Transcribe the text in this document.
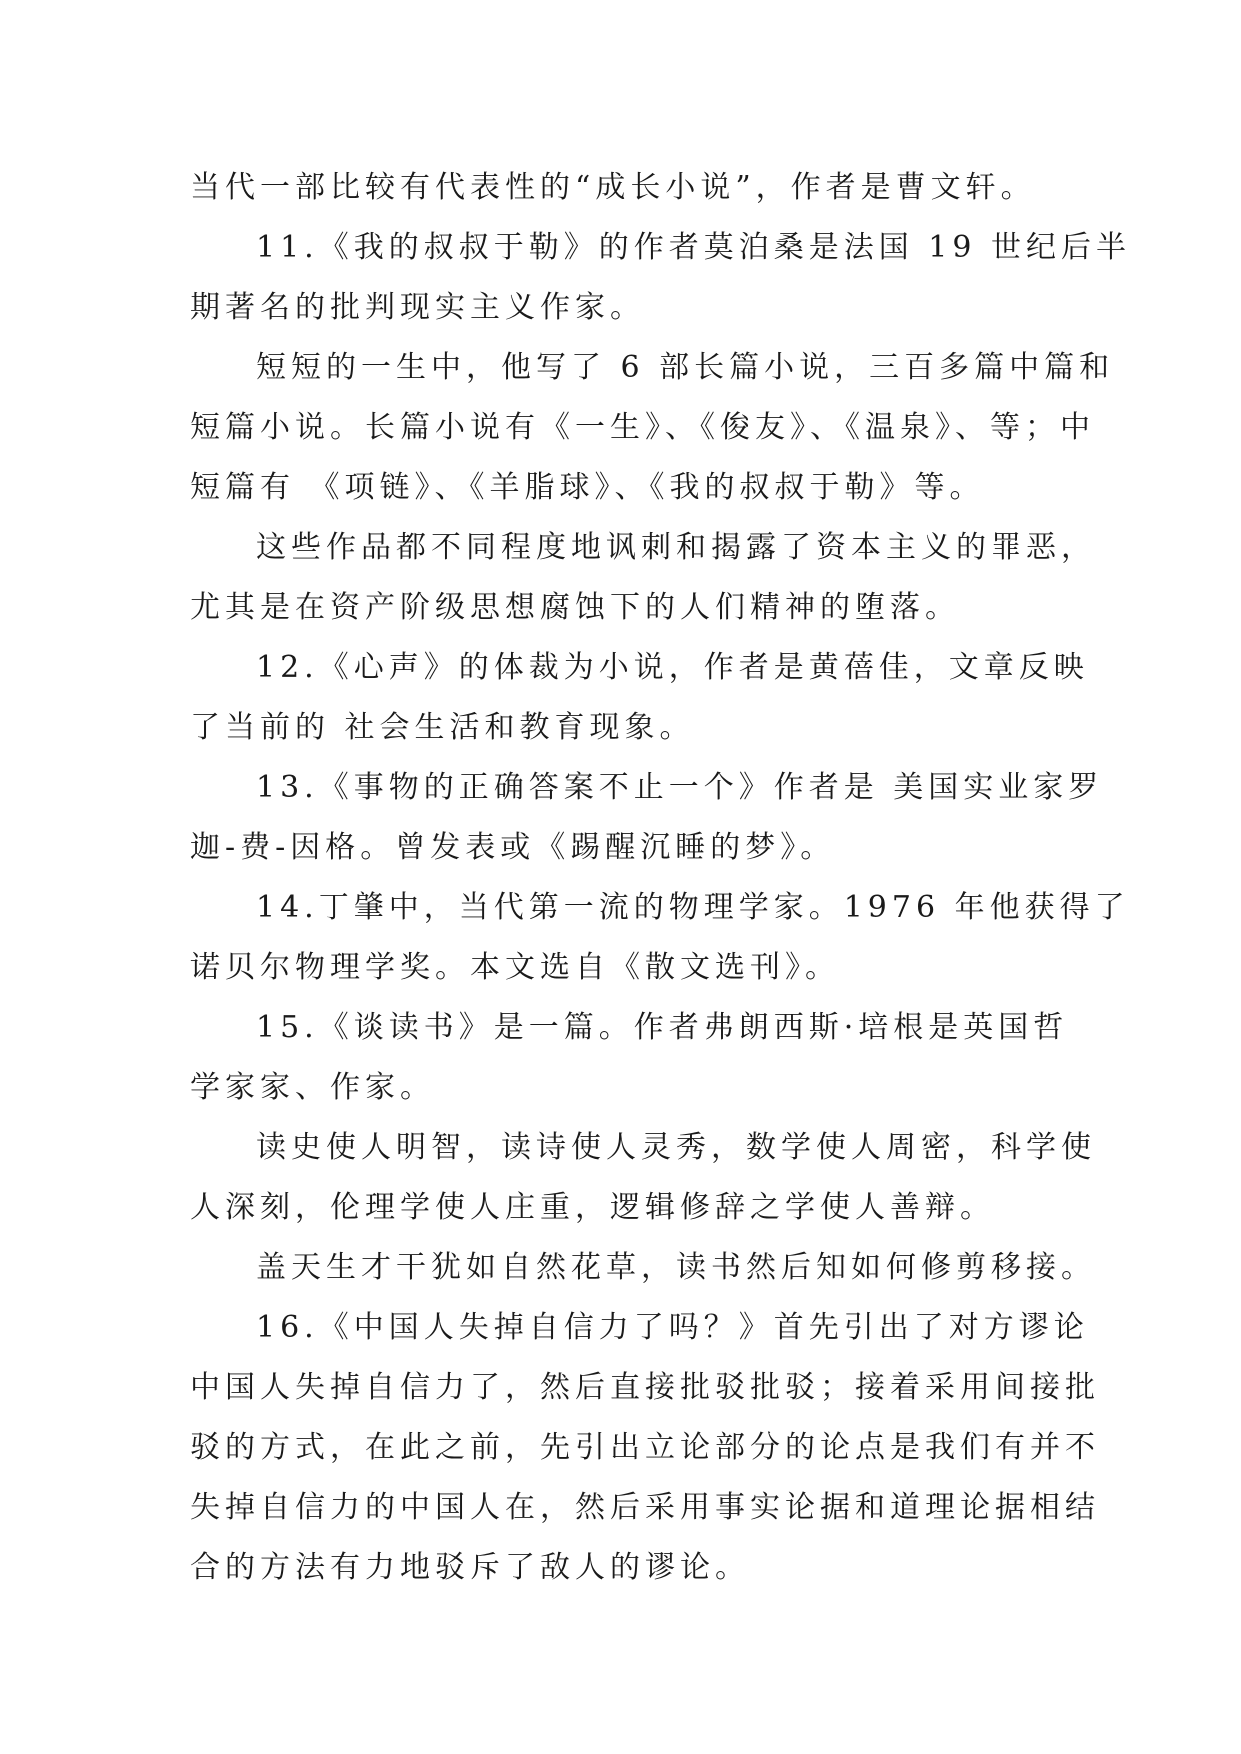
当代一部比较有代表性的“成长小说”，作者是曹文轩。
11.《我的叔叔于勒》的作者莫泊桑是法国 19 世纪后半
期著名的批判现实主义作家。
短短的一生中，他写了 6 部长篇小说，三百多篇中篇和
短篇小说。长篇小说有《一生》、《俊友》、《温泉》、等；中
短篇有 《项链》、《羊脂球》、《我的叔叔于勒》等。
这些作品都不同程度地讽刺和揭露了资本主义的罪恶，
尤其是在资产阶级思想腐蚀下的人们精神的堕落。
12.《心声》的体裁为小说，作者是黄蓓佳，文章反映
了当前的 社会生活和教育现象。
13.《事物的正确答案不止一个》作者是 美国实业家罗
迦-费-因格。曾发表或《踢醒沉睡的梦》。
14.丁肇中，当代第一流的物理学家。1976 年他获得了
诺贝尔物理学奖。本文选自《散文选刊》。
15.《谈读书》是一篇。作者弗朗西斯·培根是英国哲
学家家、作家。
读史使人明智，读诗使人灵秀，数学使人周密，科学使
人深刻，伦理学使人庄重，逻辑修辞之学使人善辩。
盖天生才干犹如自然花草，读书然后知如何修剪移接。
16.《中国人失掉自信力了吗？》首先引出了对方谬论
中国人失掉自信力了，然后直接批驳批驳；接着采用间接批
驳的方式，在此之前，先引出立论部分的论点是我们有并不
失掉自信力的中国人在，然后采用事实论据和道理论据相结
合的方法有力地驳斥了敌人的谬论。
